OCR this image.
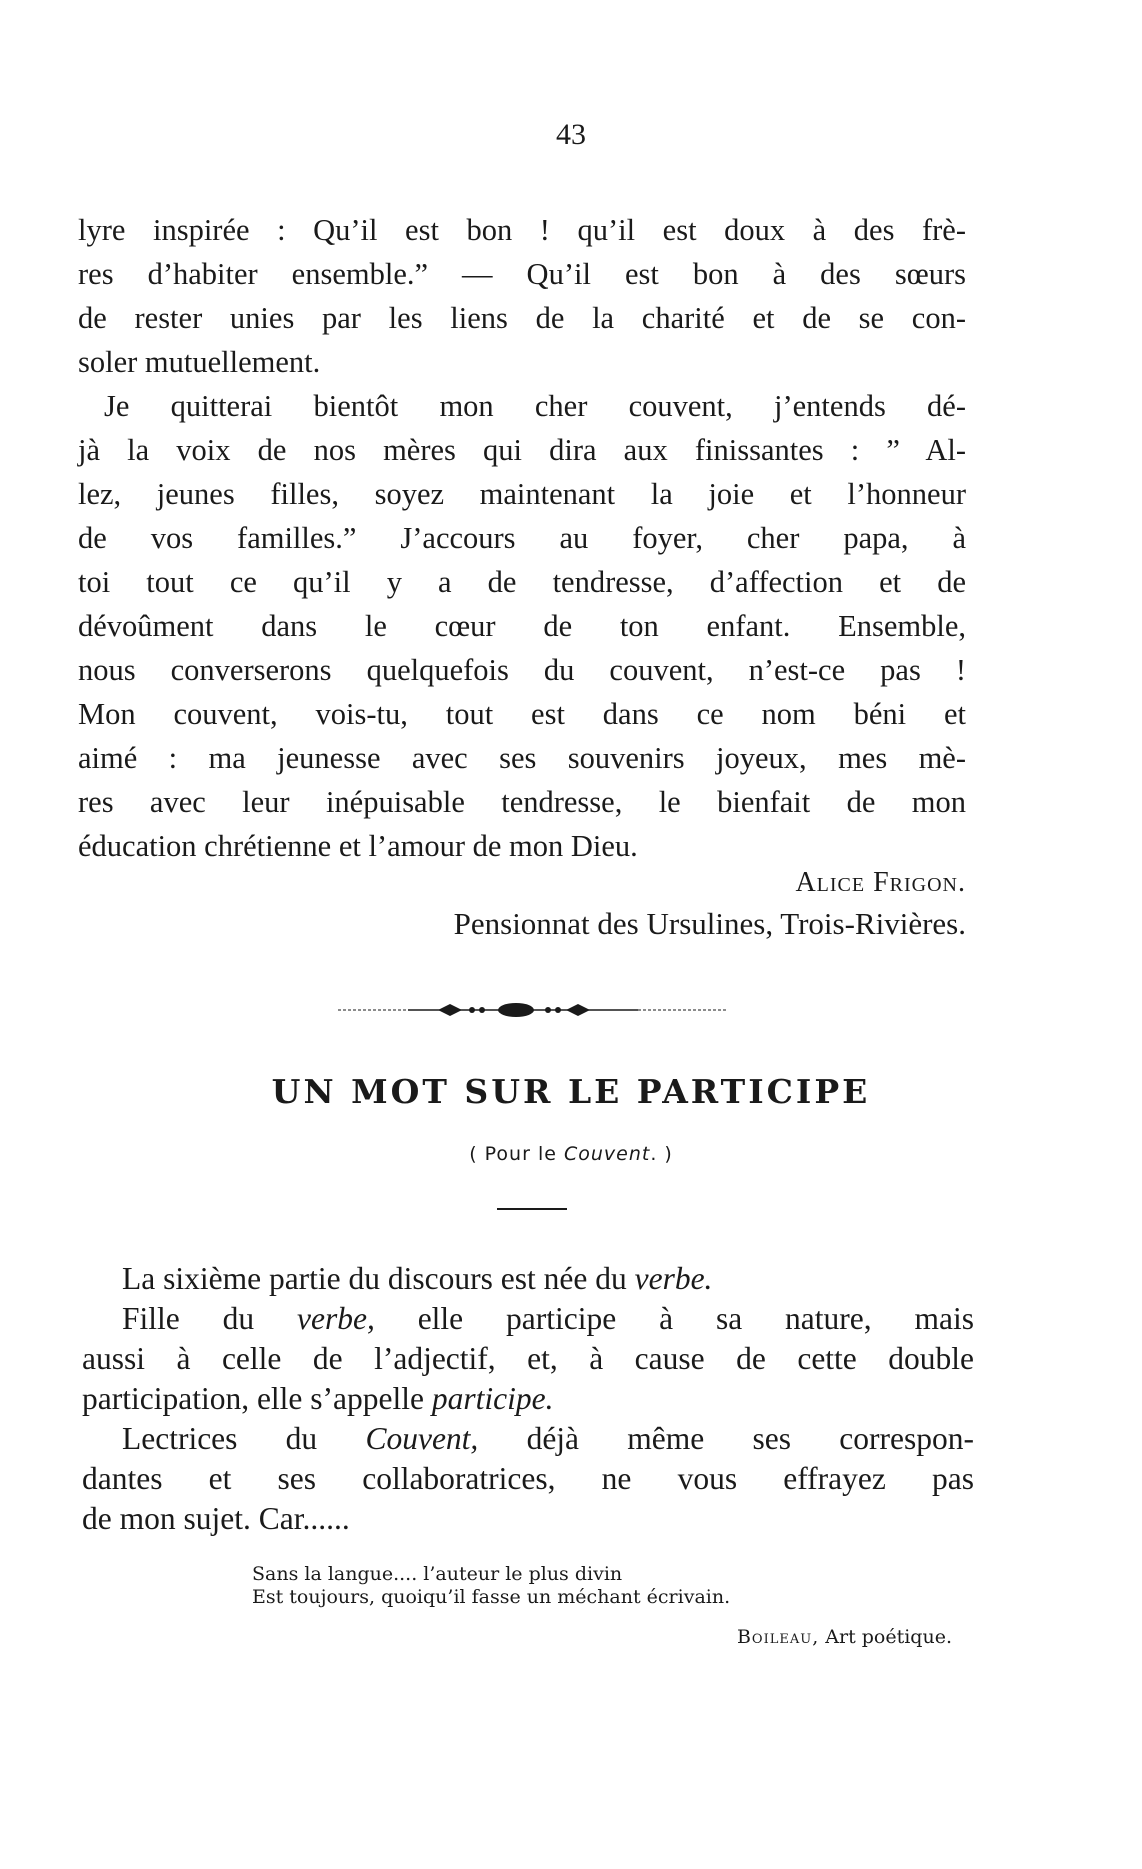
43
lyre inspirée : Qu’il est bon ! qu’il est doux à des frè-
res d’habiter ensemble.” — Qu’il est bon à des sœurs
de rester unies par les liens de la charité et de se con-
soler mutuellement.
Je quitterai bientôt mon cher couvent, j’entends dé-
jà la voix de nos mères qui dira aux finissantes : ” Al-
lez, jeunes filles, soyez maintenant la joie et l’honneur
de vos familles.” J’accours au foyer, cher papa, à
toi tout ce qu’il y a de tendresse, d’affection et de
dévoûment dans le cœur de ton enfant. Ensemble,
nous converserons quelquefois du couvent, n’est-ce pas !
Mon couvent, vois-tu, tout est dans ce nom béni et
aimé : ma jeunesse avec ses souvenirs joyeux, mes mè-
res avec leur inépuisable tendresse, le bienfait de mon
éducation chrétienne et l’amour de mon Dieu.
Alice Frigon.
Pensionnat des Ursulines, Trois-Rivières.
UN MOT SUR LE PARTICIPE
( Pour le Couvent. )
La sixième partie du discours est née du verbe.
Fille du verbe, elle participe à sa nature, mais
aussi à celle de l’adjectif, et, à cause de cette double
participation, elle s’appelle participe.
Lectrices du Couvent, déjà même ses correspon-
dantes et ses collaboratrices, ne vous effrayez pas
de mon sujet. Car......
Sans la langue.... l’auteur le plus divin
Est toujours, quoiqu’il fasse un méchant écrivain.
Boileau, Art poétique.
